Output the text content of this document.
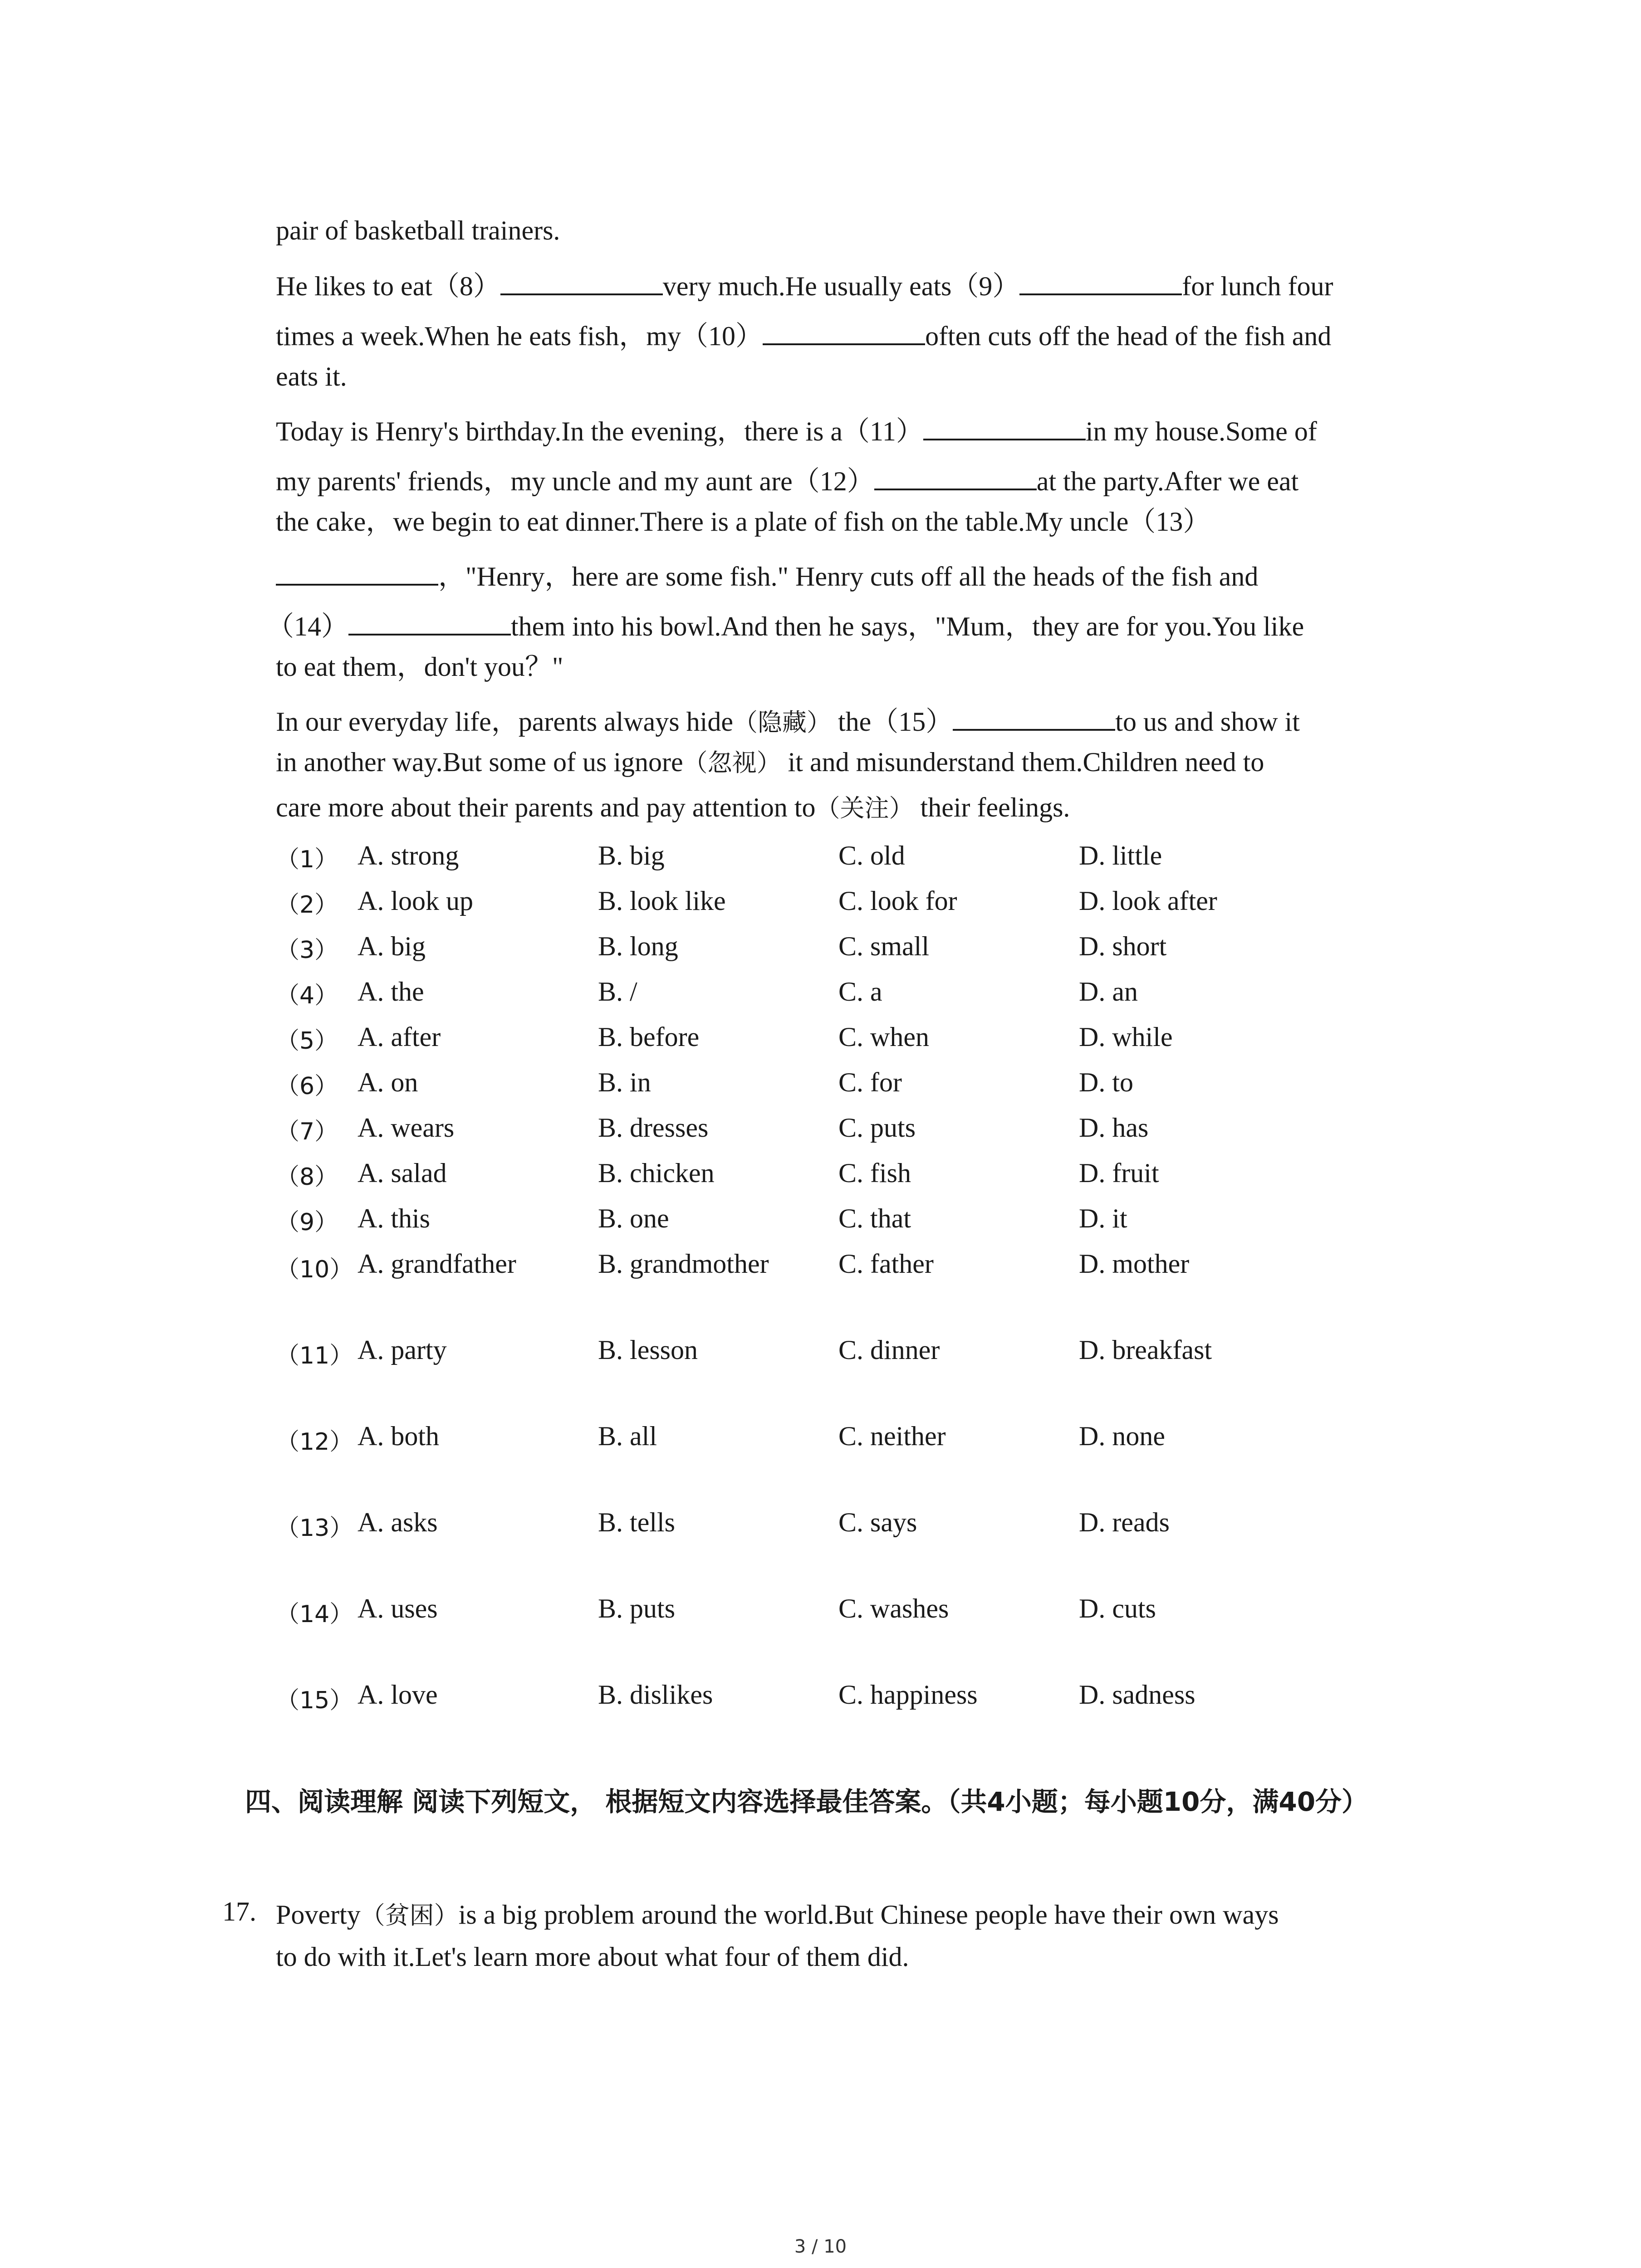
pair of basketball trainers.
He likes to eat（8）	very much.He usually eats（9）	for lunch four
times a week.When he eats fish，my（10）	often cuts off the head of the fish and
eats it.
Today is Henry's birthday.In the evening，there is a（11）	in my house.Some of
my parents' friends，my uncle and my aunt are（12）	at the party.After we eat
the cake，we begin to eat dinner.There is a plate of fish on the table.My uncle（13）
，"Henry，here are some fish." Henry cuts off all the heads of the fish and
（14）	them into his bowl.And then he says，"Mum，they are for you.You like
to eat them，don't you？"
In our everyday life，parents always hide（隐藏） the（15）	to us and show it
in another way.But some of us ignore（忽视） it and misunderstand them.Children need to
care more about their parents and pay attention to（关注） their feelings.
（1） A. strong	B. big	C. old	D. little
（2） A. look up	B. look like	C. look for	D. look after
（3） A. big	B. long	C. small	D. short
（4） A. the	B. /	C. a	D. an
（5） A. after	B. before	C. when	D. while
（6） A. on	B. in	C. for	D. to
（7） A. wears	B. dresses	C. puts	D. has
（8） A. salad	B. chicken	C. fish	D. fruit
（9） A. this	B. one	C. that	D. it
（10） A. grandfather	B. grandmother	C. father	D. mother
（11） A. party	B. lesson	C. dinner	D. breakfast
（12） A. both	B. all	C. neither	D. none
（13） A. asks	B. tells	C. says	D. reads
（14） A. uses	B. puts	C. washes	D. cuts
（15） A. love	B. dislikes	C. happiness	D. sadness
四、阅读理解 阅读下列短文， 根据短文内容选择最佳答案。（共4小题；每小题10分，满40分）
17. Poverty（贫困）is a big problem around the world.But Chinese people have their own ways
to do with it.Let's learn more about what four of them did.
3 / 10
